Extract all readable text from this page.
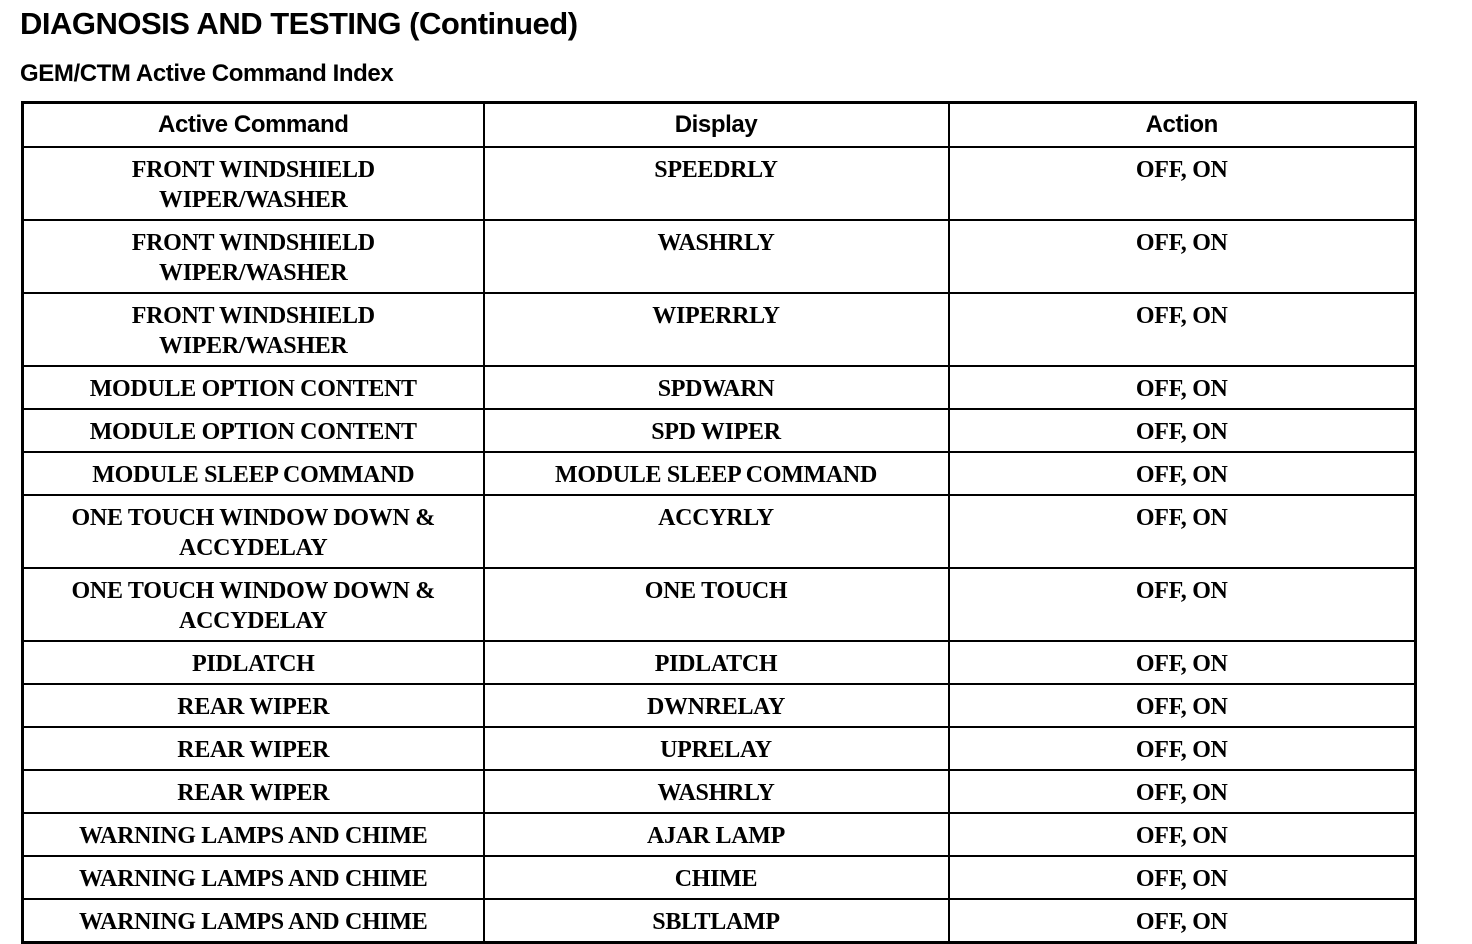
DIAGNOSIS AND TESTING (Continued)
GEM/CTM Active Command Index
Active Command	Display	Action

FRONT WINDSHIELD
WIPER/WASHER	SPEEDRLY	OFF, ON

FRONT WINDSHIELD
WIPER/WASHER	WASHRLY	OFF, ON

FRONT WINDSHIELD
WIPER/WASHER	WIPERRLY	OFF, ON

MODULE OPTION CONTENT	SPDWARN	OFF, ON

MODULE OPTION CONTENT	SPD WIPER	OFF, ON

MODULE SLEEP COMMAND	MODULE SLEEP COMMAND	OFF, ON

ONE TOUCH WINDOW DOWN &
ACCYDELAY	ACCYRLY	OFF, ON

ONE TOUCH WINDOW DOWN &
ACCYDELAY	ONE TOUCH	OFF, ON

PIDLATCH	PIDLATCH	OFF, ON

REAR WIPER	DWNRELAY	OFF, ON

REAR WIPER	UPRELAY	OFF, ON

REAR WIPER	WASHRLY	OFF, ON

WARNING LAMPS AND CHIME	AJAR LAMP	OFF, ON

WARNING LAMPS AND CHIME	CHIME	OFF, ON

WARNING LAMPS AND CHIME	SBLTLAMP	OFF, ON
